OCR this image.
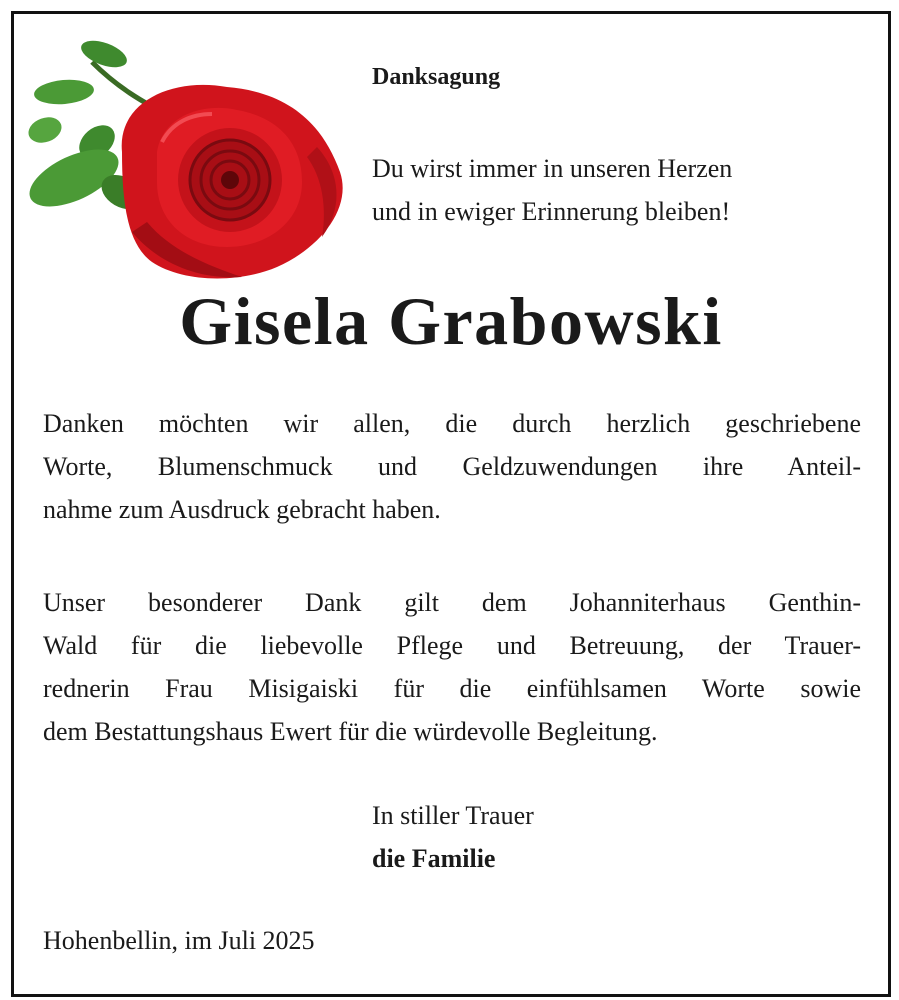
Danksagung
Du wirst immer in unseren Herzen
und in ewiger Erinnerung bleiben!
Gisela Grabowski
Danken möchten wir allen, die durch herzlich geschriebene
Worte, Blumenschmuck und Geldzuwendungen ihre Anteil-
nahme zum Ausdruck gebracht haben.
Unser besonderer Dank gilt dem Johanniterhaus Genthin-
Wald für die liebevolle Pflege und Betreuung, der Trauer-
rednerin Frau Misigaiski für die einfühlsamen Worte sowie
dem Bestattungshaus Ewert für die würdevolle Begleitung.
In stiller Trauer
die Familie
Hohenbellin, im Juli 2025
